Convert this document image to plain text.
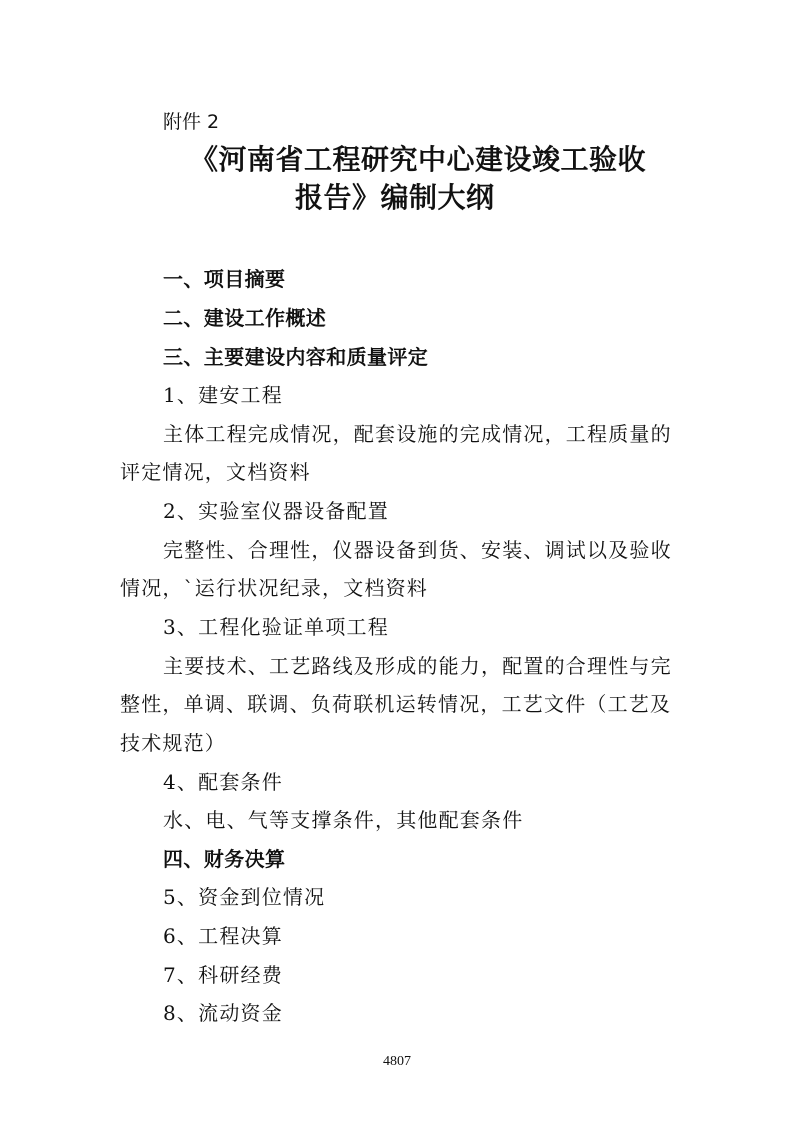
附件 2
《河南省工程研究中心建设竣工验收
报告》编制大纲
一、项目摘要
二、建设工作概述
三、主要建设内容和质量评定
1、建安工程
主体工程完成情况，配套设施的完成情况，工程质量的
评定情况，文档资料
2、实验室仪器设备配置
完整性、合理性，仪器设备到货、安装、调试以及验收
情况，`运行状况纪录，文档资料
3、工程化验证单项工程
主要技术、工艺路线及形成的能力，配置的合理性与完
整性，单调、联调、负荷联机运转情况，工艺文件（工艺及
技术规范）
4、配套条件
水、电、气等支撑条件，其他配套条件
四、财务决算
5、资金到位情况
6、工程决算
7、科研经费
8、流动资金
4807
